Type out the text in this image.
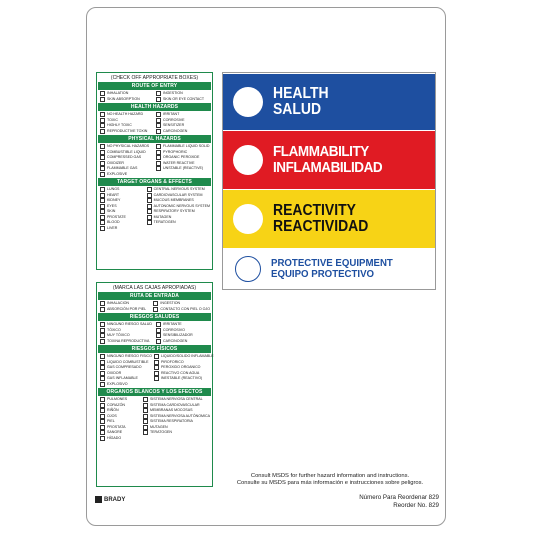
(CHECK OFF APPROPRIATE BOXES)
ROUTE OF ENTRY
INHALATION	INGESTION
SKIN ABSORPTION	SKIN OR EYE CONTACT
HEALTH HAZARDS
NO HEALTH HAZARD	IRRITANT
TOXIC	CORROSIVE
HIGHLY TOXIC	SENSITIZER
REPRODUCTIVE TOXIN	CARCINOGEN
PHYSICAL HAZARDS
NO PHYSICAL HAZARDS	FLAMMABLE LIQUID SOLID
COMBUSTIBLE LIQUID	PYROPHORIC
COMPRESSED GAS	ORGANIC PEROXIDE
OXIDIZER	WATER REACTIVE
FLAMMABLE GAS	UNSTABLE (REACTIVE)
EXPLOSIVE
TARGET ORGANS & EFFECTS
LUNGS	CENTRAL NERVOUS SYSTEM
HEART	CARDIOVASCULAR SYSTEM
KIDNEY	MUCOUS MEMBRANES
EYES	AUTONOMIC NERVOUS SYSTEM
SKIN	RESPIRATORY SYSTEM
PROSTATE	MUTAGEN
BLOOD	TERATOGEN
LIVER
(MARCA LAS CAJAS APROPIADAS)
RUTA DE ENTRADA
INHALACION	INGESTION
ABSORCIÓN POR PIEL	CONTACTO CON PIEL O OJO
RIESGOS SALUDES
NINGUNO RIESGO SALUD	IRRITANTE
TÓXICO	CORROSIVO
MUY TÓXICO	SENSIBILIZADOR
TOXINA REPRODUCTIVA	CARCINOGEN
RIESGOS FÍSICOS
NINGUNO RIESGO FISICO	LIQUIDO/SOLIDO INFLAMABLE
LIQUIDO COMBUSTIBLE	PIROFORICO
GAS COMPRESADO	PEROXIDO ORGANICO
OXIDOR	REACTIVO CON AGUA
GAS INFLAMABLE	INESTABLE (REACTIVO)
EXPLOSIVO
ORGANOS BLANCOS Y LOS EFECTOS
PULMONES	SISTEMA NERVIOSA CENTRAL
CORAZÓN	SISTEMA CARDIOVASCULAR
RIÑÓN	MEMBRANAS MOCOSAS
OJOS	SISTEMA NERVIOSA AUTÓNOMICA
PIEL	SISTEMA RESPIRATORIA
PROSTATA	MUTAGEN
SANGRE	TERATOGEN
HÍGADO
HEALTH
SALUD
FLAMMABILITY
INFLAMABILIDAD
REACTIVITY
REACTIVIDAD
PROTECTIVE EQUIPMENT
EQUIPO PROTECTIVO
Consult MSDS for further hazard information and instructions.
Consulte su MSDS para más información e instrucciones sobre peligros.
BRADY	Número Para Reordenar 829
Reorder No. 829
